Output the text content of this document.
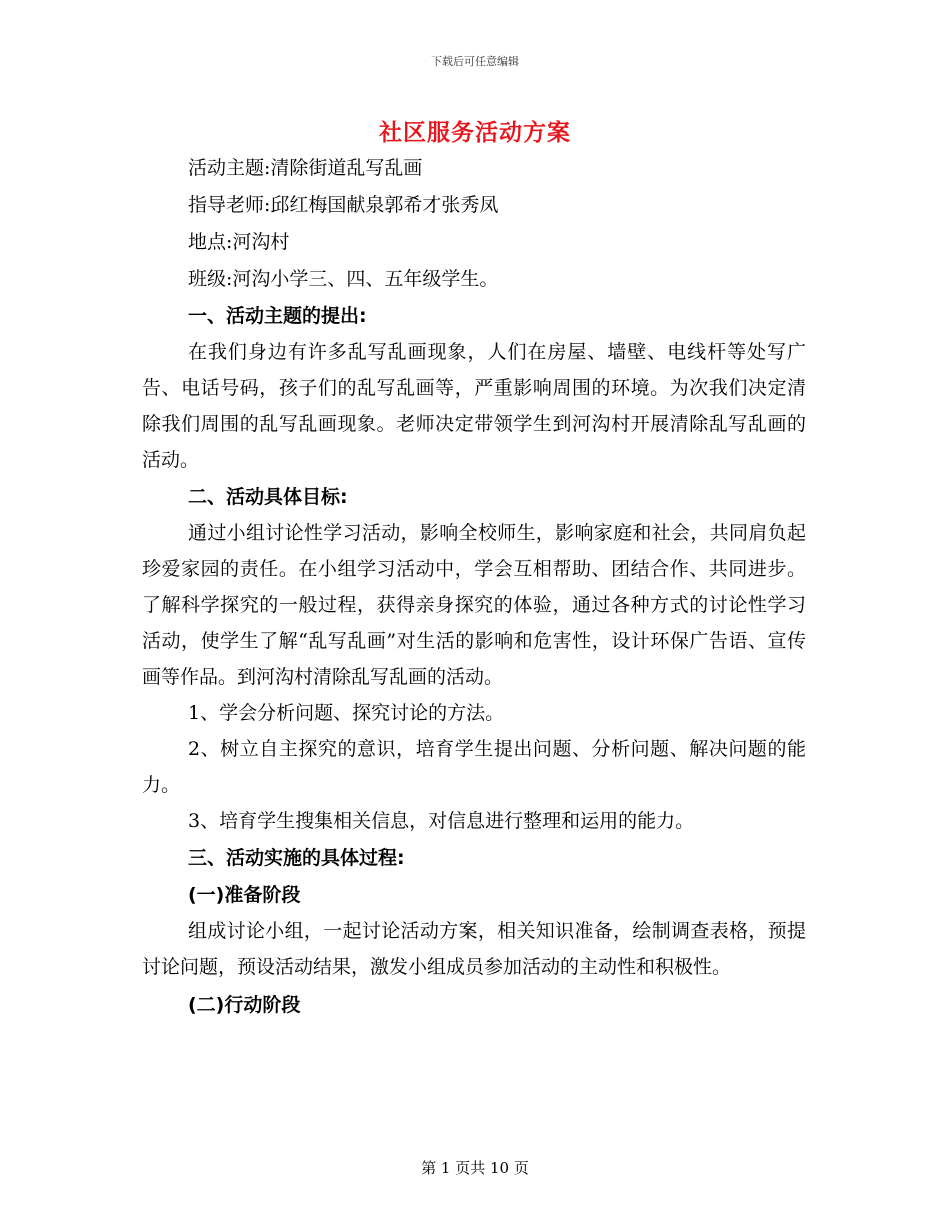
下载后可任意编辑
社区服务活动方案

活动主题:清除街道乱写乱画

指导老师:邱红梅国献泉郭希才张秀凤

地点:河沟村

班级:河沟小学三、四、五年级学生。

一、活动主题的提出:

在我们身边有许多乱写乱画现象，人们在房屋、墙壁、电线杆等处写广告、电话号码，孩子们的乱写乱画等，严重影响周围的环境。为次我们决定清除我们周围的乱写乱画现象。老师决定带领学生到河沟村开展清除乱写乱画的活动。

二、活动具体目标:

通过小组讨论性学习活动，影响全校师生，影响家庭和社会，共同肩负起珍爱家园的责任。在小组学习活动中，学会互相帮助、团结合作、共同进步。了解科学探究的一般过程，获得亲身探究的体验，通过各种方式的讨论性学习活动，使学生了解“乱写乱画”对生活的影响和危害性，设计环保广告语、宣传画等作品。到河沟村清除乱写乱画的活动。

1、学会分析问题、探究讨论的方法。

2、树立自主探究的意识，培育学生提出问题、分析问题、解决问题的能力。

3、培育学生搜集相关信息，对信息进行整理和运用的能力。

三、活动实施的具体过程:

(一)准备阶段

组成讨论小组，一起讨论活动方案，相关知识准备，绘制调查表格，预提讨论问题，预设活动结果，激发小组成员参加活动的主动性和积极性。

(二)行动阶段

第 1 页共 10 页
